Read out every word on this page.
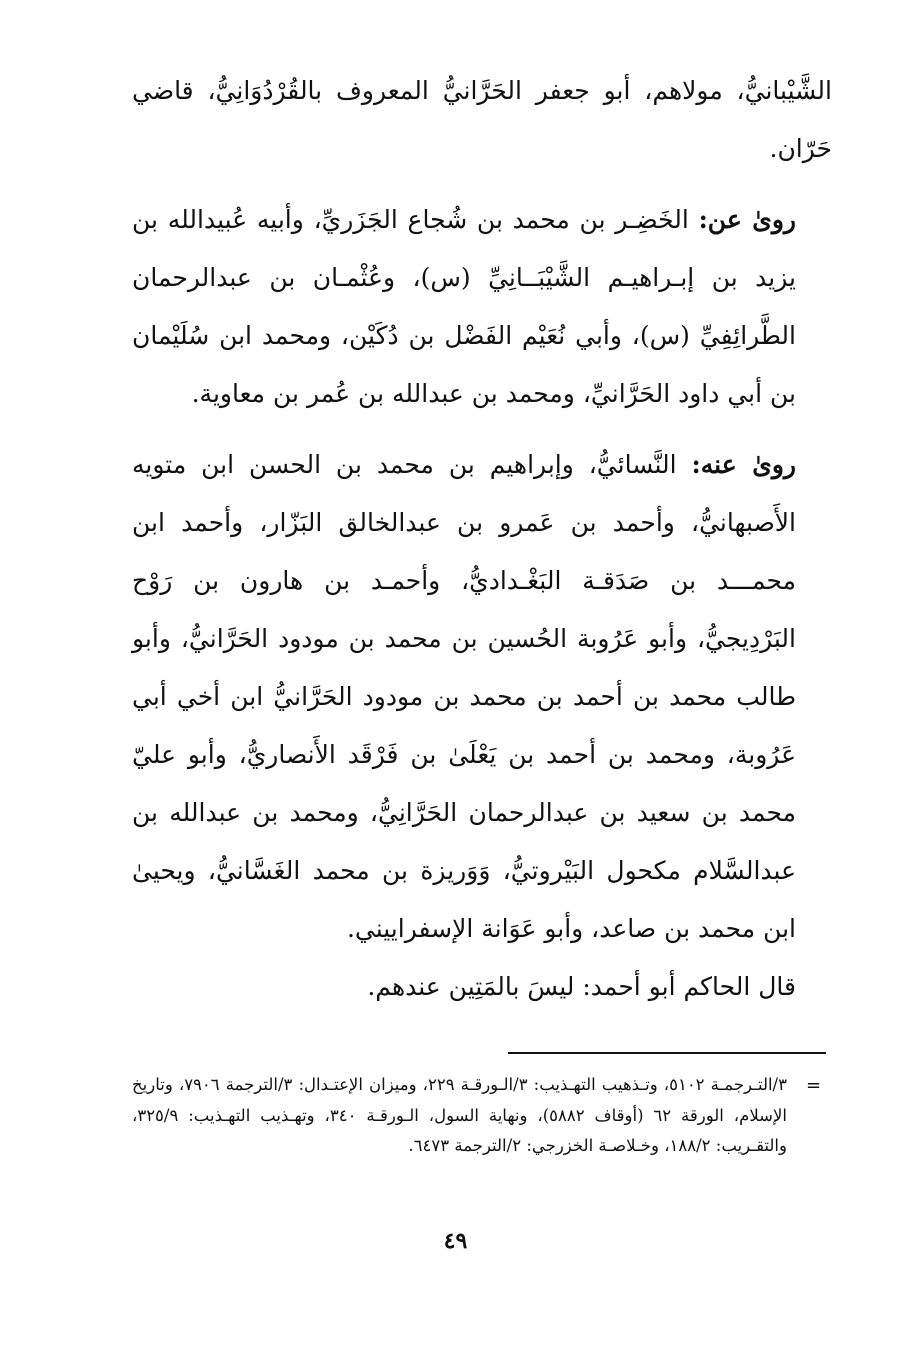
الشَّيْبانيُّ، مولاهم، أبو جعفر الحَرَّانيُّ المعروف بالقُرْدُوَانِيُّ، قاضي حَرّان.

روىٰ عن: الخَضِـر بن محمد بن شُجاع الجَزَريِّ، وأبيه عُبيدالله بن يزيد بن إبـراهيـم الشَّيْبَــانِيِّ (س)، وعُثْمـان بن عبدالرحمان الطَّرائِفِيِّ (س)، وأبي نُعَيْم الفَضْل بن دُكَيْن، ومحمد ابن سُلَيْمان بن أبي داود الحَرَّانيِّ، ومحمد بن عبدالله بن عُمر بن معاوية.

روىٰ عنه: النَّسائيُّ، وإبراهيم بن محمد بن الحسن ابن متويه الأَصبهانيُّ، وأحمد بن عَمرو بن عبدالخالق البَزّار، وأحمد ابن محمـــد بن صَدَقـة البَغْـداديُّ، وأحمـد بن هارون بن رَوْح البَرْدِيجيُّ، وأبو عَرُوبة الحُسين بن محمد بن مودود الحَرَّانيُّ، وأبو طالب محمد بن أحمد بن محمد بن مودود الحَرَّانيُّ ابن أخي أبي عَرُوبة، ومحمد بن أحمد بن يَعْلَىٰ بن فَرْقَد الأَنصاريُّ، وأبو عليّ محمد بن سعيد بن عبدالرحمان الحَرَّانِيُّ، ومحمد بن عبدالله بن عبدالسَّلام مكحول البَيْروتيُّ، وَوَريزة بن محمد الغَسَّانيُّ، ويحيىٰ ابن محمد بن صاعد، وأبو عَوَانة الإسفراييني.

قال الحاكم أبو أحمد: ليسَ بالمَتِين عندهم.

=

٣/التـرجمـة ٥١٠٢، وتـذهيب التهـذيب: ٣/الـورقـة ٢٢٩، وميزان الإعتـدال: ٣/الترجمة ٧٩٠٦، وتاريخ الإسلام، الورقة ٦٢ (أوقاف ٥٨٨٢)، ونهاية السول، الـورقـة ٣٤٠، وتهـذيب التهـذيب: ٣٢٥/٩، والتقـريب: ١٨٨/٢، وخـلاصـة الخزرجي: ٢/الترجمة ٦٤٧٣.

٤٩
